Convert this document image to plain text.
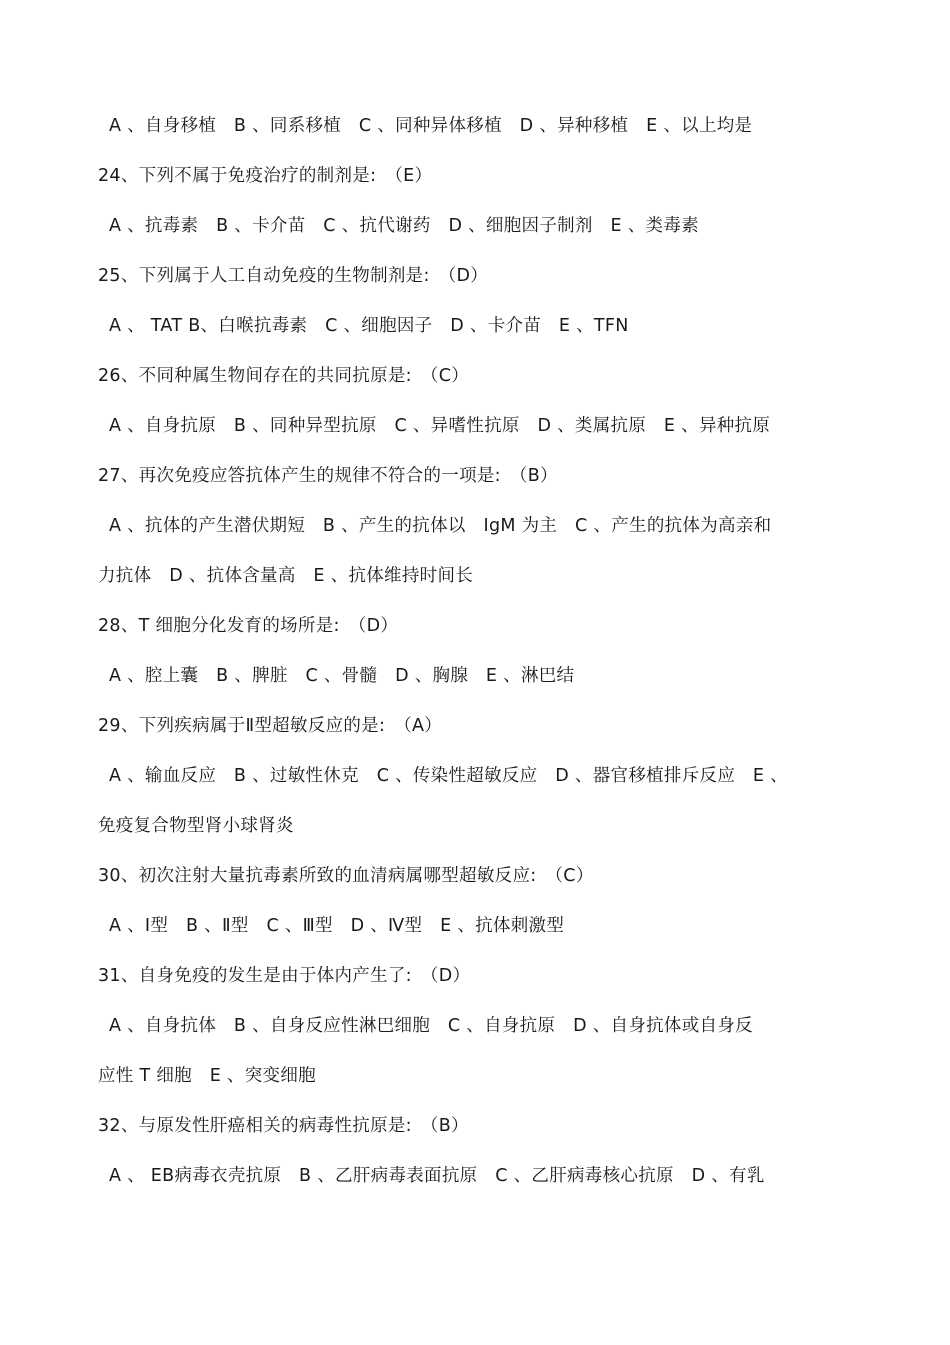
A 、自身移植　B 、同系移植　C 、同种异体移植　D 、异种移植　E 、以上均是
24、下列不属于免疫治疗的制剂是:　（E）
A 、抗毒素　B 、卡介苗　C 、抗代谢药　D 、细胞因子制剂　E 、类毒素
25、下列属于人工自动免疫的生物制剂是:　（D）
A 、 TAT B、白喉抗毒素　C 、细胞因子　D 、卡介苗　E 、TFN
26、不同种属生物间存在的共同抗原是:　（C）
A 、自身抗原　B 、同种异型抗原　C 、异嗜性抗原　D 、类属抗原　E 、异种抗原
27、再次免疫应答抗体产生的规律不符合的一项是:　（B）
A 、抗体的产生潜伏期短　B 、产生的抗体以　IgM 为主　C 、产生的抗体为高亲和
力抗体　D 、抗体含量高　E 、抗体维持时间长
28、T 细胞分化发育的场所是:　（D）
A 、腔上囊　B 、脾脏　C 、骨髓　D 、胸腺　E 、淋巴结
29、下列疾病属于Ⅱ型超敏反应的是:　（A）
A 、输血反应　B 、过敏性休克　C 、传染性超敏反应　D 、器官移植排斥反应　E 、
免疫复合物型肾小球肾炎
30、初次注射大量抗毒素所致的血清病属哪型超敏反应:　（C）
A 、Ⅰ型　B 、Ⅱ型　C 、Ⅲ型　D 、Ⅳ型　E 、抗体刺激型
31、自身免疫的发生是由于体内产生了:　（D）
A 、自身抗体　B 、自身反应性淋巴细胞　C 、自身抗原　D 、自身抗体或自身反
应性 T 细胞　E 、突变细胞
32、与原发性肝癌相关的病毒性抗原是:　（B）
A 、 EB病毒衣壳抗原　B 、乙肝病毒表面抗原　C 、乙肝病毒核心抗原　D 、有乳
